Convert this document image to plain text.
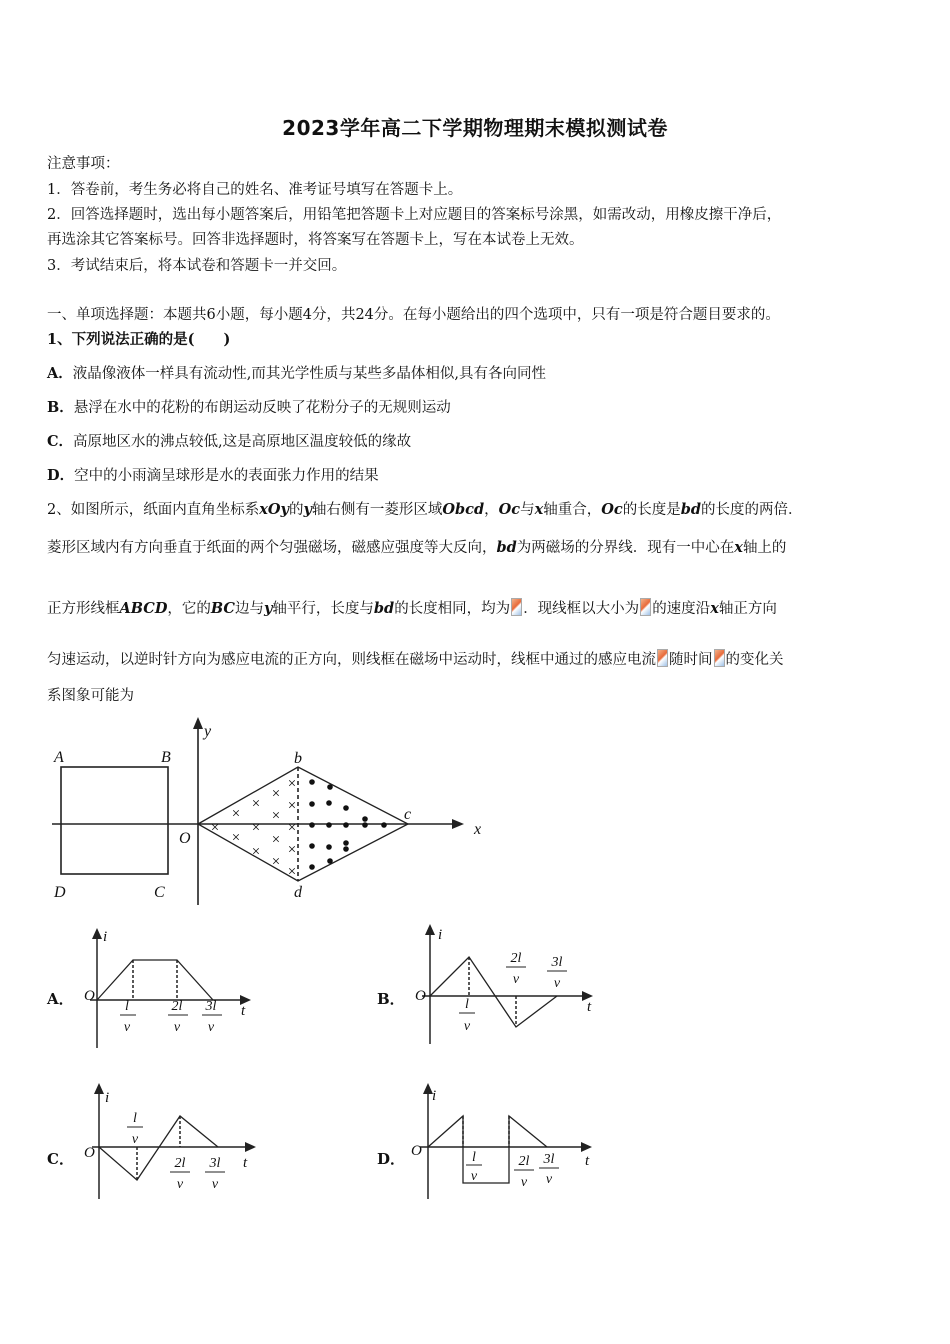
2023学年高二下学期物理期末模拟测试卷
注意事项：
1．答卷前，考生务必将自己的姓名、准考证号填写在答题卡上。
2．回答选择题时，选出每小题答案后，用铅笔把答题卡上对应题目的答案标号涂黑，如需改动，用橡皮擦干净后，
再选涂其它答案标号。回答非选择题时，将答案写在答题卡上，写在本试卷上无效。
3．考试结束后，将本试卷和答题卡一并交回。
一、单项选择题：本题共6小题，每小题4分，共24分。在每小题给出的四个选项中，只有一项是符合题目要求的。
1、下列说法正确的是(　　)
A．液晶像液体一样具有流动性,而其光学性质与某些多晶体相似,具有各向同性
B．悬浮在水中的花粉的布朗运动反映了花粉分子的无规则运动
C．高原地区水的沸点较低,这是高原地区温度较低的缘故
D．空中的小雨滴呈球形是水的表面张力作用的结果
2、如图所示，纸面内直角坐标系xOy的y轴右侧有一菱形区域Obcd，Oc与x轴重合，Oc的长度是bd的长度的两倍．
菱形区域内有方向垂直于纸面的两个匀强磁场，磁感应强度等大反向，bd为两磁场的分界线．现有一中心在x轴上的
正方形线框ABCD，它的BC边与y轴平行，长度与bd的长度相同，均为 ．现线框以大小为 的速度沿x轴正方向
匀速运动，以逆时针方向为感应电流的正方向，则线框在磁场中运动时，线框中通过的感应电流 随时间 的变化关
系图象可能为
A	B
D	C
O
b
c
d
x
y
×
×
×
×
×
×
×
×
×
×
×
×
×
×
×
A．
i
O
t
l
v
2l
v
3l
v
B．
i
O
t
l
v
2l
v
3l
v
C．
i
O
t
l
v
2l
v
3l
v
D．
i
O
t
l
v
2l
v
3l
v
